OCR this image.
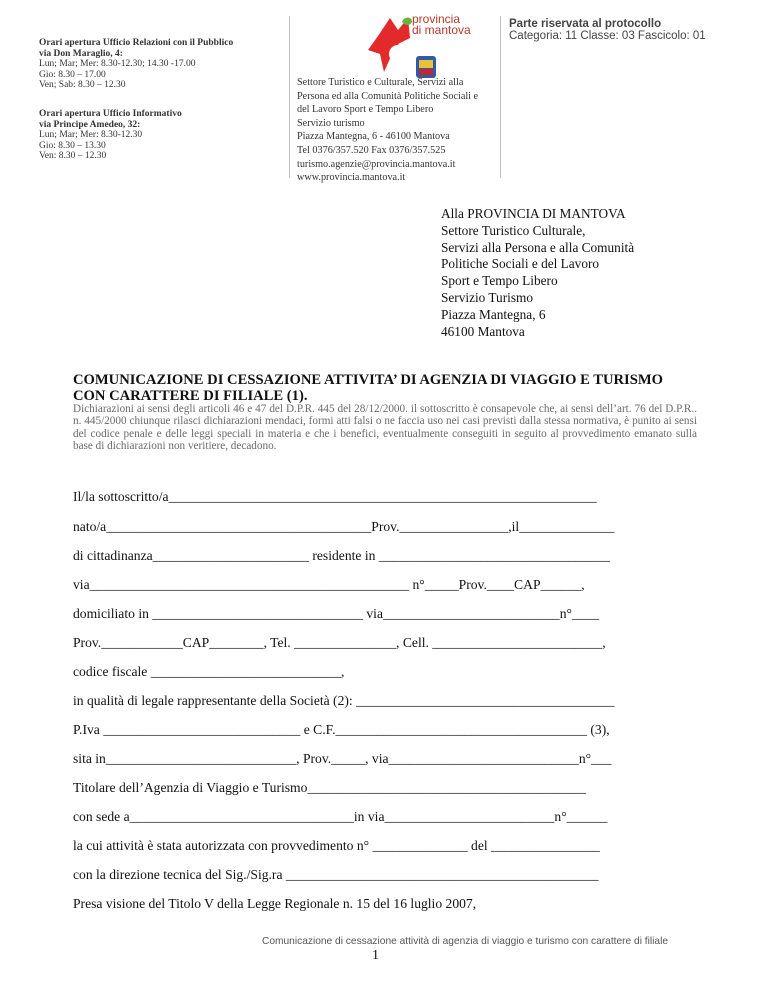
Orari apertura Ufficio Relazioni con il Pubblico
via Don Maraglio, 4:
Lun; Mar; Mer: 8.30-12.30; 14.30 -17.00
Gio: 8.30 – 17.00
Ven; Sab: 8.30 – 12.30
Orari apertura Ufficio Informativo
via Principe Amedeo, 32:
Lun; Mar; Mer: 8.30-12.30
Gio: 8.30 – 13.30
Ven: 8.30 – 12.30
provincia
di mantova
Settore Turistico e Culturale, Servizi alla
Persona ed alla Comunità Politiche Sociali e
del Lavoro Sport e Tempo Libero
Servizio turismo
Piazza Mantegna, 6 - 46100 Mantova
Tel 0376/357.520 Fax 0376/357.525
turismo.agenzie@provincia.mantova.it
www.provincia.mantova.it
Parte riservata al protocollo
Categoria: 11 Classe: 03 Fascicolo: 01
Alla PROVINCIA DI MANTOVA
Settore Turistico Culturale,
Servizi alla Persona e alla Comunità
Politiche Sociali e del Lavoro
Sport e Tempo Libero
Servizio Turismo
Piazza Mantegna, 6
46100 Mantova
COMUNICAZIONE DI CESSAZIONE ATTIVITA’ DI AGENZIA DI VIAGGIO E TURISMO
CON CARATTERE DI FILIALE (1).
Dichiarazioni ai sensi degli articoli 46 e 47 del D.P.R. 445 del 28/12/2000. il sottoscritto è consapevole che, ai sensi dell’art. 76 del D.P.R.. n. 445/2000 chiunque rilasci dichiarazioni mendaci, formi atti falsi o ne faccia uso nei casi previsti dalla stessa normativa, è punito ai sensi del codice penale e delle leggi speciali in materia e che i benefici, eventualmente conseguiti in seguito al provvedimento emanato sulla base di dichiarazioni non veritiere, decadono.
Il/la sottoscritto/a_______________________________________________________________
nato/a_______________________________________Prov.________________,il______________
di cittadinanza_______________________ residente in __________________________________
via_______________________________________________ n°_____Prov.____CAP______,
domiciliato in _______________________________ via__________________________n°____
Prov.____________CAP________, Tel. _______________, Cell. _________________________,
codice fiscale ____________________________,
in qualità di legale rappresentante della Società (2): ______________________________________
P.Iva _____________________________ e C.F._____________________________________ (3),
sita in____________________________, Prov._____, via____________________________n°___
Titolare dell’Agenzia di Viaggio e Turismo_________________________________________
con sede a_________________________________in via_________________________n°______
la cui attività è stata autorizzata con provvedimento n° ______________ del ________________
con la direzione tecnica del Sig./Sig.ra ______________________________________________
Presa visione del Titolo V della Legge Regionale n. 15 del 16 luglio 2007,
Comunicazione di cessazione attività di agenzia di viaggio e turismo con carattere di filiale
1
